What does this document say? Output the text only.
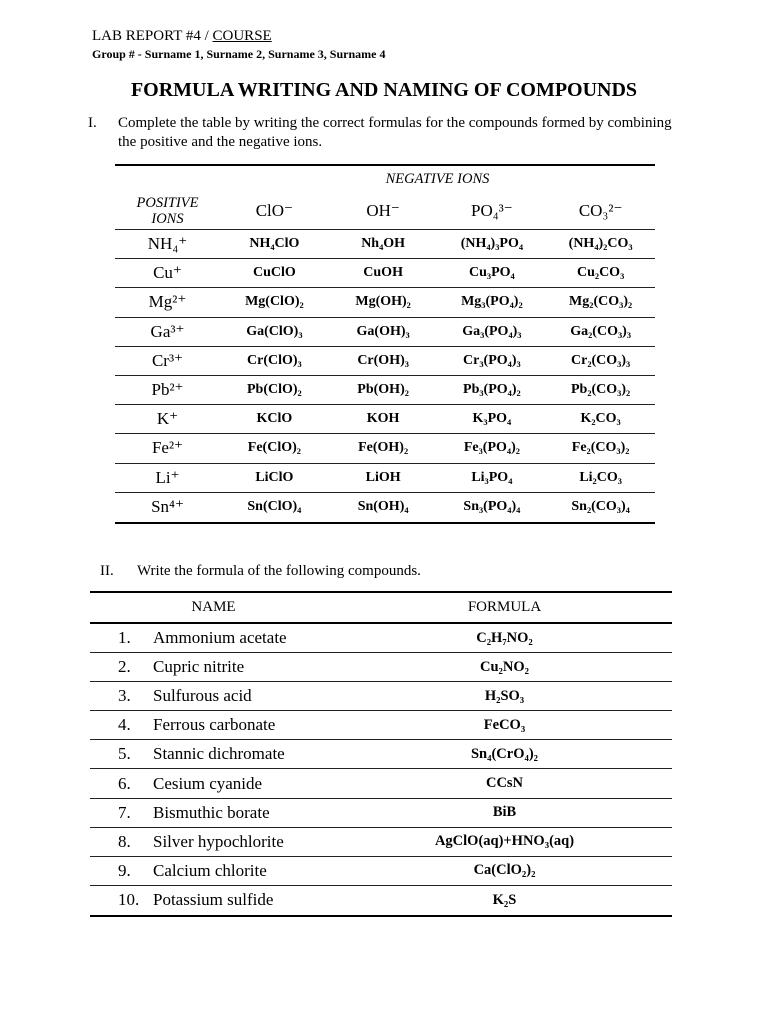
LAB REPORT #4 / COURSE
Group # - Surname 1, Surname 2, Surname 3, Surname 4
FORMULA WRITING AND NAMING OF COMPOUNDS
I. Complete the table by writing the correct formulas for the compounds formed by combining the positive and the negative ions.
NEGATIVE IONS
POSITIVE IONS	ClO⁻	OH⁻	PO₄³⁻	CO₃²⁻
NH₄⁺	NH₄ClO	Nh₄OH	(NH₄)₃PO₄	(NH₄)₂CO₃
Cu⁺	CuClO	CuOH	Cu₃PO₄	Cu₂CO₃
Mg²⁺	Mg(ClO)₂	Mg(OH)₂	Mg₃(PO₄)₂	Mg₂(CO₃)₂
Ga³⁺	Ga(ClO)₃	Ga(OH)₃	Ga₃(PO₄)₃	Ga₂(CO₃)₃
Cr³⁺	Cr(ClO)₃	Cr(OH)₃	Cr₃(PO₄)₃	Cr₂(CO₃)₃
Pb²⁺	Pb(ClO)₂	Pb(OH)₂	Pb₃(PO₄)₂	Pb₂(CO₃)₂
K⁺	KClO	KOH	K₃PO₄	K₂CO₃
Fe²⁺	Fe(ClO)₂	Fe(OH)₂	Fe₃(PO₄)₂	Fe₂(CO₃)₂
Li⁺	LiClO	LiOH	Li₃PO₄	Li₂CO₃
Sn⁴⁺	Sn(ClO)₄	Sn(OH)₄	Sn₃(PO₄)₄	Sn₂(CO₃)₄
II. Write the formula of the following compounds.
NAME	FORMULA
1.	Ammonium acetate	C₂H₇NO₂
2.	Cupric nitrite	Cu₂NO₂
3.	Sulfurous acid	H₂SO₃
4.	Ferrous carbonate	FeCO₃
5.	Stannic dichromate	Sn₄(CrO₄)₂
6.	Cesium cyanide	CCsN
7.	Bismuthic borate	BiB
8.	Silver hypochlorite	AgClO(aq)+HNO₃(aq)
9.	Calcium chlorite	Ca(ClO₂)₂
10. Potassium sulfide	K₂S
